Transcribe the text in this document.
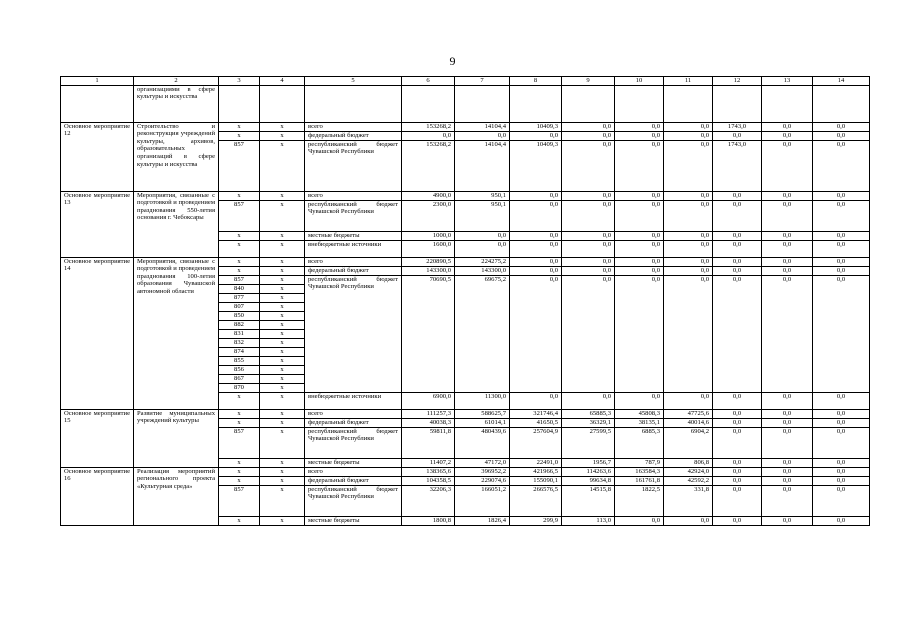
9
1	2	3	4	5	6	7	8	9	10	11	12	13	14
	организациями в сфере культуры и искусства												
Основное мероприятие 12	Строительство и реконструкция учреждений культуры, архивов, образовательных организаций в сфере культуры и искусства	х	х	всего	153268,2	14104,4	10409,3	0,0	0,0	0,0	1743,0	0,0	0,0
		х	х	федеральный бюджет	0,0	0,0	0,0	0,0	0,0	0,0	0,0	0,0	0,0
		857	х	республиканский бюджет Чувашской Республики	153268,2	14104,4	10409,3	0,0	0,0	0,0	1743,0	0,0	0,0
Основное мероприятие 13	Мероприятия, связанные с подготовкой и проведением празднования 550-летия основания г. Чебоксары	х	х	всего	4900,0	950,1	0,0	0,0	0,0	0,0	0,0	0,0	0,0
		857	х	республиканский бюджет Чувашской Республики	2300,0	950,1	0,0	0,0	0,0	0,0	0,0	0,0	0,0
		х	х	местные бюджеты	1000,0	0,0	0,0	0,0	0,0	0,0	0,0	0,0	0,0
		х	х	внебюджетные источники	1600,0	0,0	0,0	0,0	0,0	0,0	0,0	0,0	0,0
Основное мероприятие 14	Мероприятия, связанные с подготовкой и проведением празднования 100-летия образования Чувашской автономной области	х	х	всего	220890,5	224275,2	0,0	0,0	0,0	0,0	0,0	0,0	0,0
		х	х	федеральный бюджет	143300,0	143300,0	0,0	0,0	0,0	0,0	0,0	0,0	0,0
		857	х	республиканский бюджет Чувашской Республики	70690,5	69675,2	0,0	0,0	0,0	0,0	0,0	0,0	0,0
		840	х										
		877	х										
		807	х										
		850	х										
		882	х										
		831	х										
		832	х										
		874	х										
		855	х										
		856	х										
		867	х										
		870	х										
		х	х	внебюджетные источники	6900,0	11300,0	0,0	0,0	0,0	0,0	0,0	0,0	0,0
Основное мероприятие 15	Развитие муниципальных учреждений культуры	х	х	всего	111257,3	588625,7	321746,4	65885,3	45808,3	47725,6	0,0	0,0	0,0
		х	х	федеральный бюджет	40038,3	61014,1	41650,5	36329,1	38135,1	40014,6	0,0	0,0	0,0
		857	х	республиканский бюджет Чувашской Республики	59811,8	480439,6	257604,9	27599,5	6885,3	6904,2	0,0	0,0	0,0
		х	х	местные бюджеты	11407,2	47172,0	22491,0	1956,7	787,9	806,8	0,0	0,0	0,0
Основное мероприятие 16	Реализация мероприятий регионального проекта «Культурная среда»	х	х	всего	138365,6	396952,2	421966,5	114263,6	163584,3	42924,0	0,0	0,0	0,0
		х	х	федеральный бюджет	104358,5	229074,6	155090,1	99634,8	161761,8	42592,2	0,0	0,0	0,0
		857	х	республиканский бюджет Чувашской Республики	32206,3	166051,2	266576,5	14515,8	1822,5	331,8	0,0	0,0	0,0
		х	х	местные бюджеты	1800,8	1826,4	299,9	113,0	0,0	0,0	0,0	0,0	0,0
